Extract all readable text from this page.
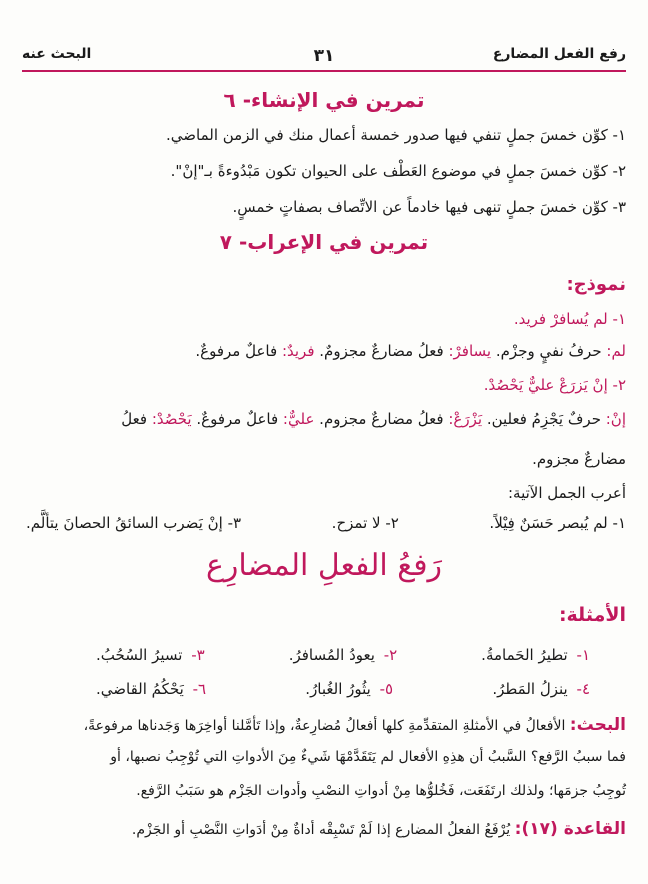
رفع الفعل المضارع
٣١
البحث عنه
تمرين في الإنشاء- ٦
١- كوِّن خمسَ جملٍ تنفي فيها صدور خمسة أعمال منك في الزمن الماضي.
٢- كوِّن خمسَ جملٍ في موضوع العَطْف على الحيوان تكون مَبْدُوءةً بـ"إنْ".
٣- كوِّن خمسَ جملٍ تنهى فيها خادماً عن الاتِّصاف بصفاتٍ خمسٍ.
تمرين في الإعراب- ٧
نموذج:
١- لم يُسافرْ فريد.
لم: حرفُ نفيٍ وجزْم. يسافرْ: فعلُ مضارعٌ مجزومٌ. فريدٌ: فاعلٌ مرفوعٌ.
٢- إنْ يَزرَعْ عليٌّ يَحْصُدْ.
إنْ: حرفٌ يَجْزِمُ فعلين. يَزْرَعْ: فعلُ مضارعٌ مجزوم. عليٌّ: فاعلٌ مرفوعٌ. يَحْصُدْ: فعلُ
مضارعٌ مجزوم.
أعرب الجمل الآتية:
١- لم يُبصر حَسَنٌ فِيْلاً.
٢- لا تمزح.
٣- إنْ يَضرب السائقُ الحصانَ يتألَّم.
رَفعُ الفعلِ المضارِع
الأمثلة:
١- تطيرُ الحَمامةُ.
٢- يعودُ المُسافرُ.
٣- تسيرُ السُحُبُ.
٤- ينزلُ المَطرُ.
٥- يثُورُ الغُبارُ.
٦- يَحْكُمُ القاضي.
البحث: الأفعالُ في الأمثلةِ المتقدِّمةِ كلها أفعالُ مُضارِعةٌ، وإذا تَأمَّلنا أواخِرَها وَجَدناها مرفوعةً،
فما سببُ الرَّفع؟ السَّببُ أن هذِهِ الأفعال لم يَتَقَدَّمْهَا شَيءٌ مِنَ الأدواتِ التي تُوْجِبُ نصبها، أو
تُوجِبُ جزمَها؛ ولذلك ارتَفَعَت، فَخُلوُّها مِنْ أدواتِ النصْبِ وأدوات الجَزْم هو سَبَبُ الرَّفع.
القاعدة (١٧): يُرْفَعُ الفعلُ المضارع إذا لَمْ تَسْبِقْه أداةٌ مِنْ أدَواتِ النَّصْبِ أو الجَزْم.
